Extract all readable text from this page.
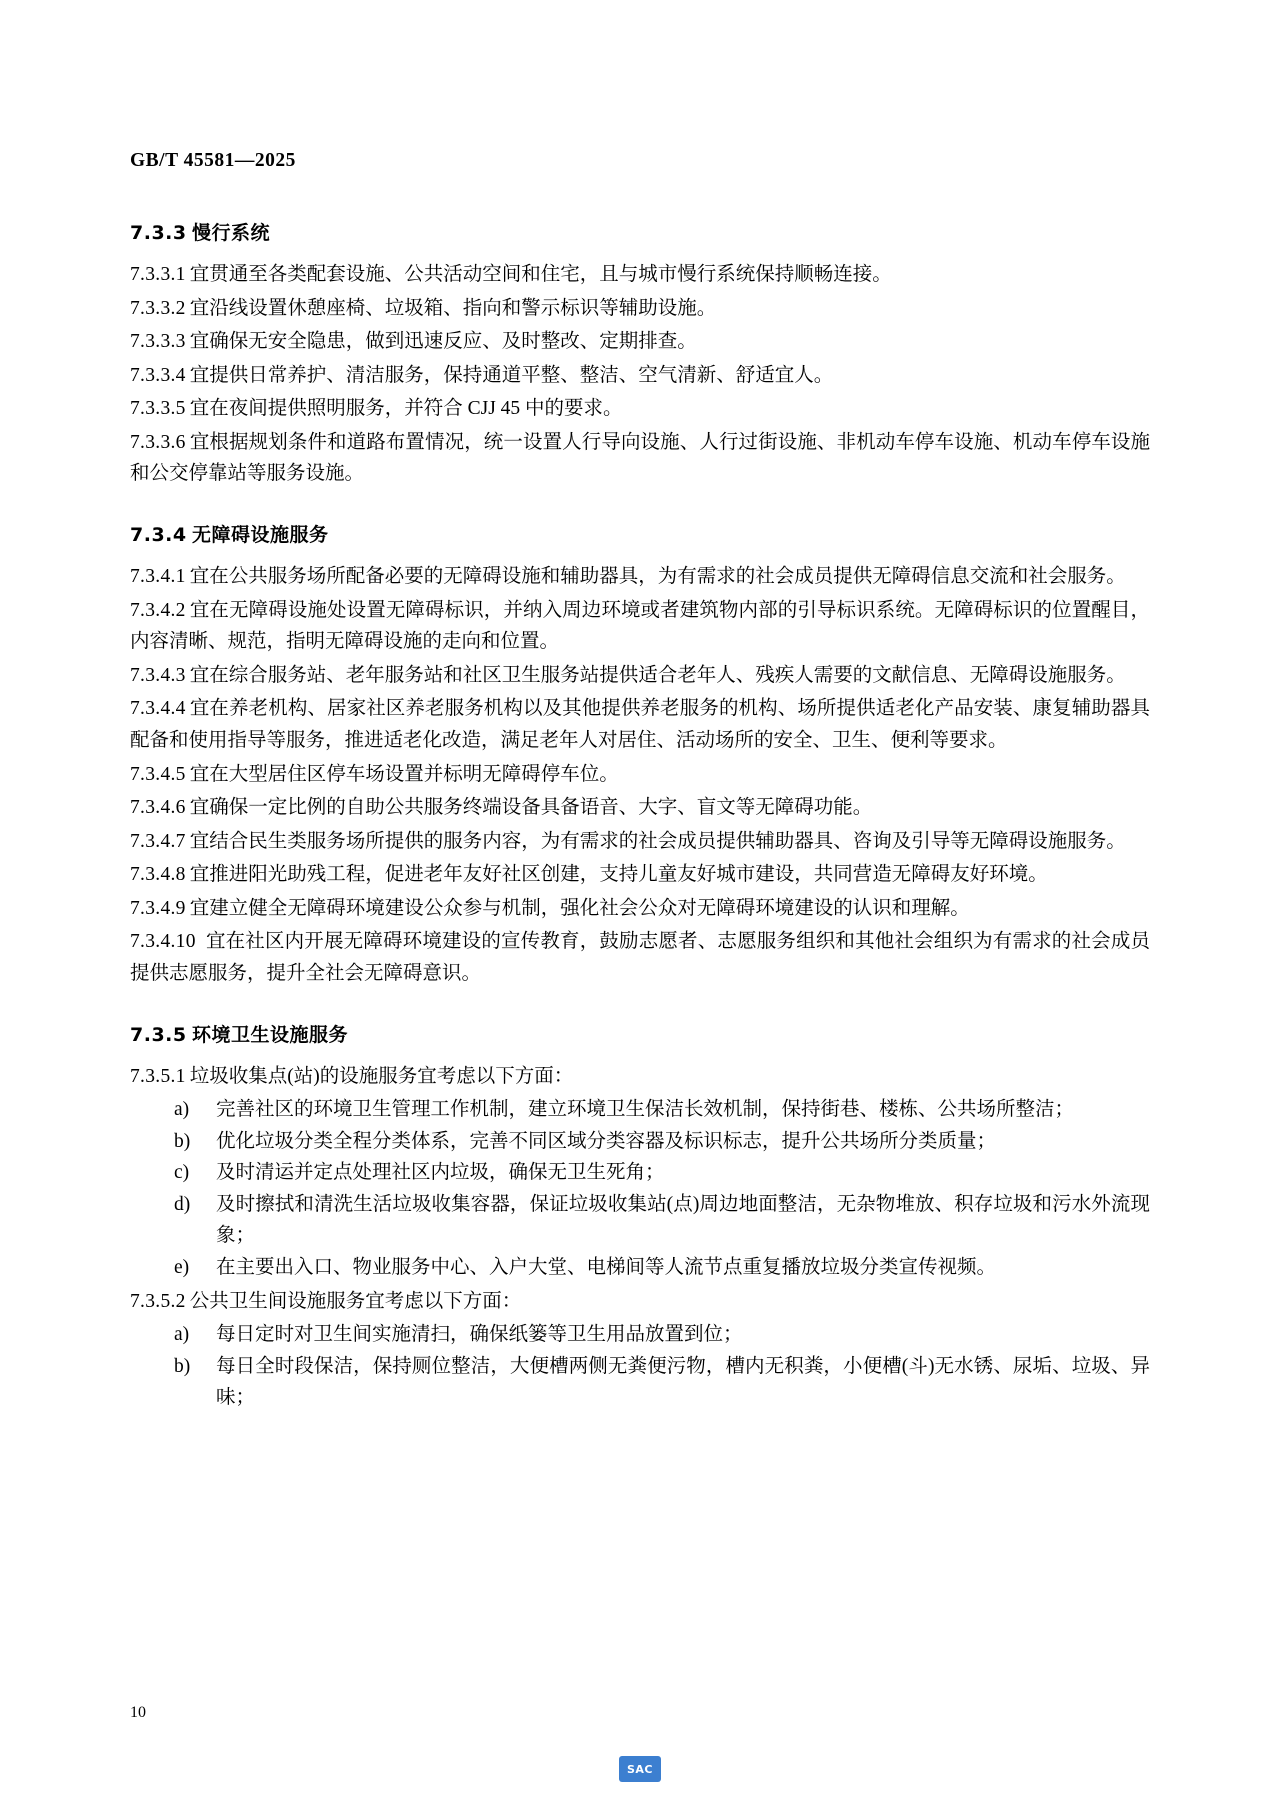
GB/T 45581—2025
7.3.3 慢行系统

7.3.3.1 宜贯通至各类配套设施、公共活动空间和住宅，且与城市慢行系统保持顺畅连接。

7.3.3.2 宜沿线设置休憩座椅、垃圾箱、指向和警示标识等辅助设施。

7.3.3.3 宜确保无安全隐患，做到迅速反应、及时整改、定期排查。

7.3.3.4 宜提供日常养护、清洁服务，保持通道平整、整洁、空气清新、舒适宜人。

7.3.3.5 宜在夜间提供照明服务，并符合 CJJ 45 中的要求。

7.3.3.6 宜根据规划条件和道路布置情况，统一设置人行导向设施、人行过街设施、非机动车停车设施、机动车停车设施和公交停靠站等服务设施。

7.3.4 无障碍设施服务

7.3.4.1 宜在公共服务场所配备必要的无障碍设施和辅助器具，为有需求的社会成员提供无障碍信息交流和社会服务。

7.3.4.2 宜在无障碍设施处设置无障碍标识，并纳入周边环境或者建筑物内部的引导标识系统。无障碍标识的位置醒目，内容清晰、规范，指明无障碍设施的走向和位置。

7.3.4.3 宜在综合服务站、老年服务站和社区卫生服务站提供适合老年人、残疾人需要的文献信息、无障碍设施服务。

7.3.4.4 宜在养老机构、居家社区养老服务机构以及其他提供养老服务的机构、场所提供适老化产品安装、康复辅助器具配备和使用指导等服务，推进适老化改造，满足老年人对居住、活动场所的安全、卫生、便利等要求。

7.3.4.5 宜在大型居住区停车场设置并标明无障碍停车位。

7.3.4.6 宜确保一定比例的自助公共服务终端设备具备语音、大字、盲文等无障碍功能。

7.3.4.7 宜结合民生类服务场所提供的服务内容，为有需求的社会成员提供辅助器具、咨询及引导等无障碍设施服务。

7.3.4.8 宜推进阳光助残工程，促进老年友好社区创建，支持儿童友好城市建设，共同营造无障碍友好环境。

7.3.4.9 宜建立健全无障碍环境建设公众参与机制，强化社会公众对无障碍环境建设的认识和理解。

7.3.4.10 宜在社区内开展无障碍环境建设的宣传教育，鼓励志愿者、志愿服务组织和其他社会组织为有需求的社会成员提供志愿服务，提升全社会无障碍意识。

7.3.5 环境卫生设施服务

7.3.5.1 垃圾收集点(站)的设施服务宜考虑以下方面：

a) 完善社区的环境卫生管理工作机制，建立环境卫生保洁长效机制，保持街巷、楼栋、公共场所整洁；
b) 优化垃圾分类全程分类体系，完善不同区域分类容器及标识标志，提升公共场所分类质量；
c) 及时清运并定点处理社区内垃圾，确保无卫生死角；
d) 及时擦拭和清洗生活垃圾收集容器，保证垃圾收集站(点)周边地面整洁，无杂物堆放、积存垃圾和污水外流现象；
e) 在主要出入口、物业服务中心、入户大堂、电梯间等人流节点重复播放垃圾分类宣传视频。

7.3.5.2 公共卫生间设施服务宜考虑以下方面：

a) 每日定时对卫生间实施清扫，确保纸篓等卫生用品放置到位；
b) 每日全时段保洁，保持厕位整洁，大便槽两侧无粪便污物，槽内无积粪，小便槽(斗)无水锈、尿垢、垃圾、异味；
10
SAC
